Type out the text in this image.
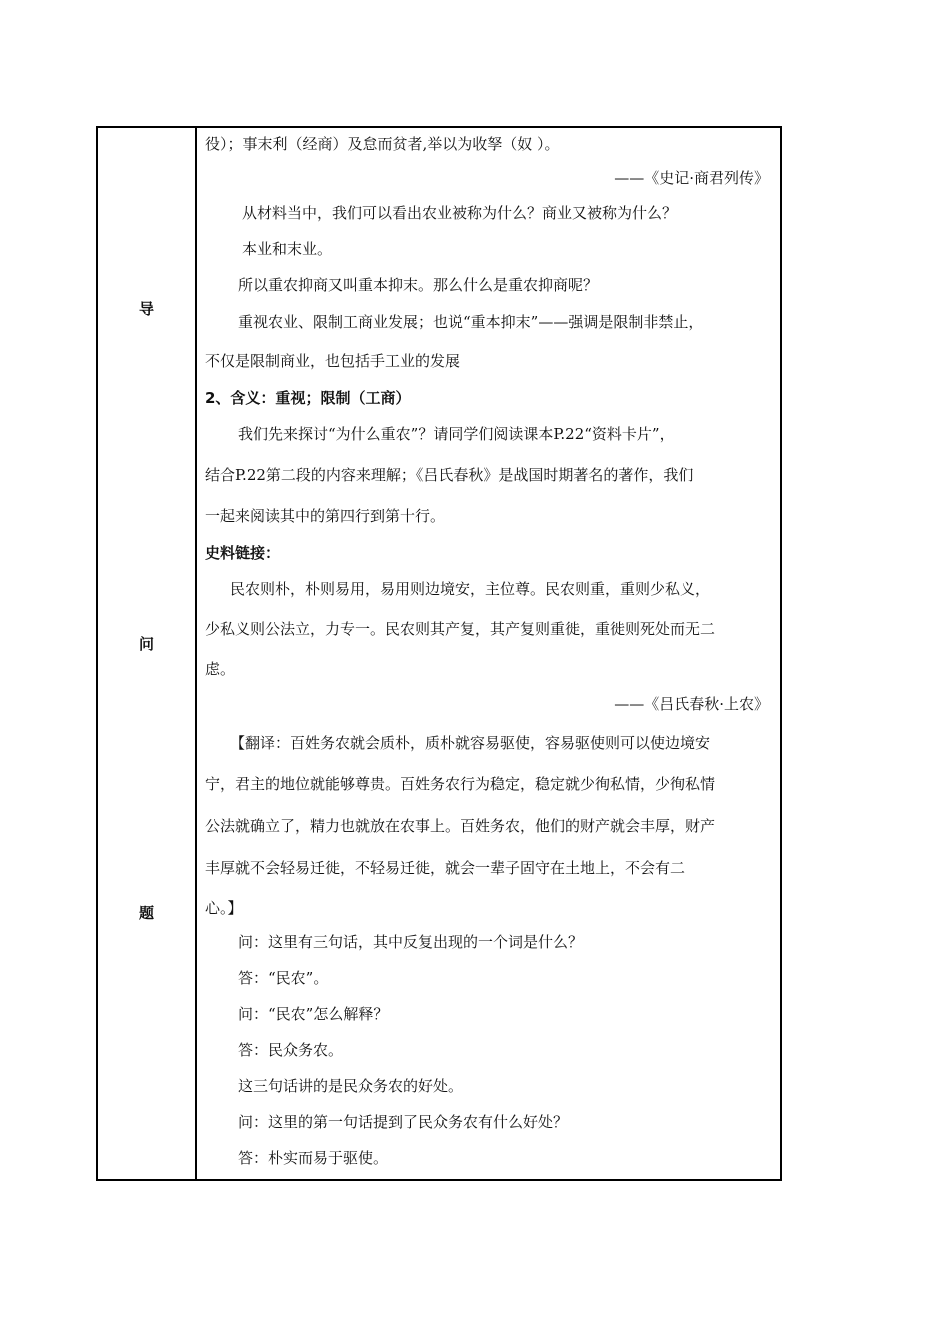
导
问
题
役）；事末利（经商）及怠而贫者,举以为收孥（奴 ）。
——《史记·商君列传》
从材料当中，我们可以看出农业被称为什么？商业又被称为什么？
本业和末业。
所以重农抑商又叫重本抑末。那么什么是重农抑商呢？
重视农业、限制工商业发展；也说“重本抑末”——强调是限制非禁止，
不仅是限制商业，也包括手工业的发展
2、含义：重视；限制（工商）
我们先来探讨“为什么重农”？请同学们阅读课本P.22“资料卡片”，
结合P.22第二段的内容来理解；《吕氏春秋》是战国时期著名的著作，我们
一起来阅读其中的第四行到第十行。
史料链接：
民农则朴，朴则易用，易用则边境安，主位尊。民农则重，重则少私义，
少私义则公法立，力专一。民农则其产复，其产复则重徙，重徙则死处而无二
虑。
——《吕氏春秋·上农》
【翻译：百姓务农就会质朴，质朴就容易驱使，容易驱使则可以使边境安
宁，君主的地位就能够尊贵。百姓务农行为稳定，稳定就少徇私情，少徇私情
公法就确立了，精力也就放在农事上。百姓务农，他们的财产就会丰厚，财产
丰厚就不会轻易迁徙，不轻易迁徙，就会一辈子固守在土地上，不会有二
心。】
问：这里有三句话，其中反复出现的一个词是什么？
答：“民农”。
问：“民农”怎么解释？
答：民众务农。
这三句话讲的是民众务农的好处。
问：这里的第一句话提到了民众务农有什么好处？
答：朴实而易于驱使。
